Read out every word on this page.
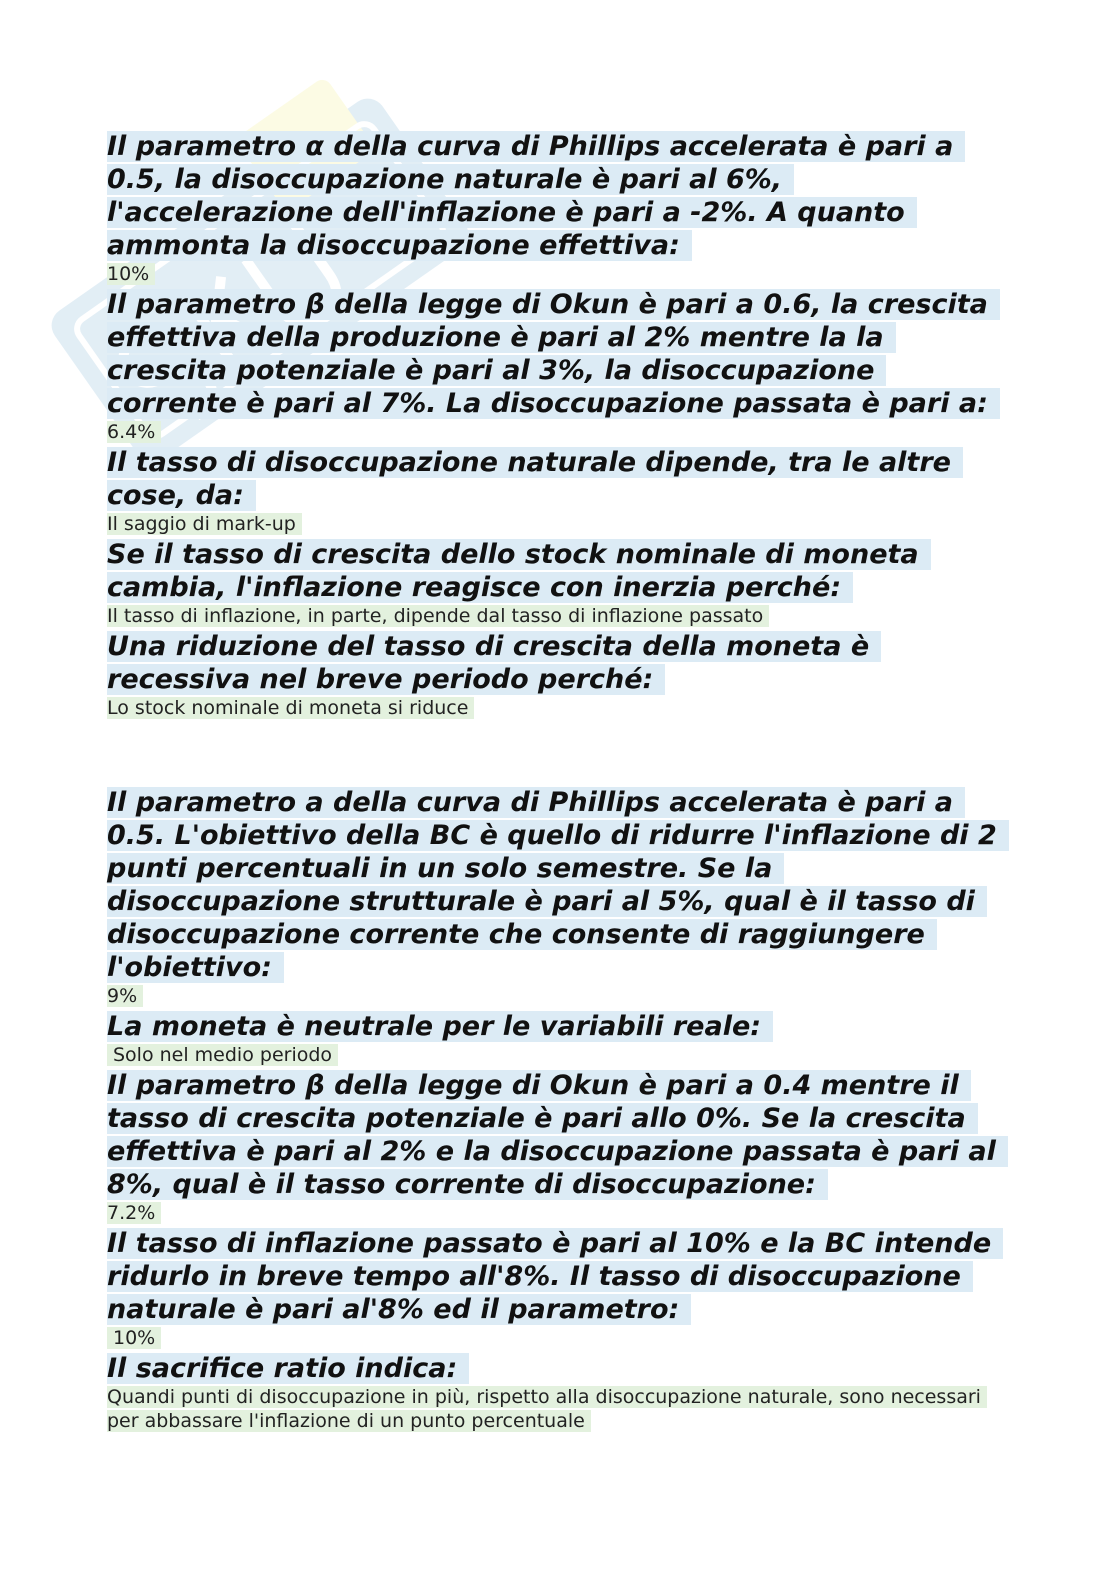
Il parametro α della curva di Phillips accelerata è pari a 0.5, la disoccupazione naturale è pari al 6%, l'accelerazione dell'inflazione è pari a -2%. A quanto ammonta la disoccupazione effettiva:

10%

Il parametro β della legge di Okun è pari a 0.6, la crescita effettiva della produzione è pari al 2% mentre la la crescita potenziale è pari al 3%, la disoccupazione corrente è pari al 7%. La disoccupazione passata è pari a:

6.4%

Il tasso di disoccupazione naturale dipende, tra le altre cose, da:

Il saggio di mark-up

Se il tasso di crescita dello stock nominale di moneta cambia, l'inflazione reagisce con inerzia perché:

Il tasso di inflazione, in parte, dipende dal tasso di inflazione passato

Una riduzione del tasso di crescita della moneta è recessiva nel breve periodo perché:

Lo stock nominale di moneta si riduce

Il parametro a della curva di Phillips accelerata è pari a 0.5. L'obiettivo della BC è quello di ridurre l'inflazione di 2 punti percentuali in un solo semestre. Se la disoccupazione strutturale è pari al 5%, qual è il tasso di disoccupazione corrente che consente di raggiungere l'obiettivo:

9%

La moneta è neutrale per le variabili reale:

Solo nel medio periodo

Il parametro β della legge di Okun è pari a 0.4 mentre il tasso di crescita potenziale è pari allo 0%. Se la crescita effettiva è pari al 2% e la disoccupazione passata è pari al 8%, qual è il tasso corrente di disoccupazione:

7.2%

Il tasso di inflazione passato è pari al 10% e la BC intende ridurlo in breve tempo all'8%. Il tasso di disoccupazione naturale è pari al'8% ed il parametro:

10%

Il sacrifice ratio indica:

Quandi punti di disoccupazione in più, rispetto alla disoccupazione naturale, sono necessari per abbassare l'inflazione di un punto percentuale
